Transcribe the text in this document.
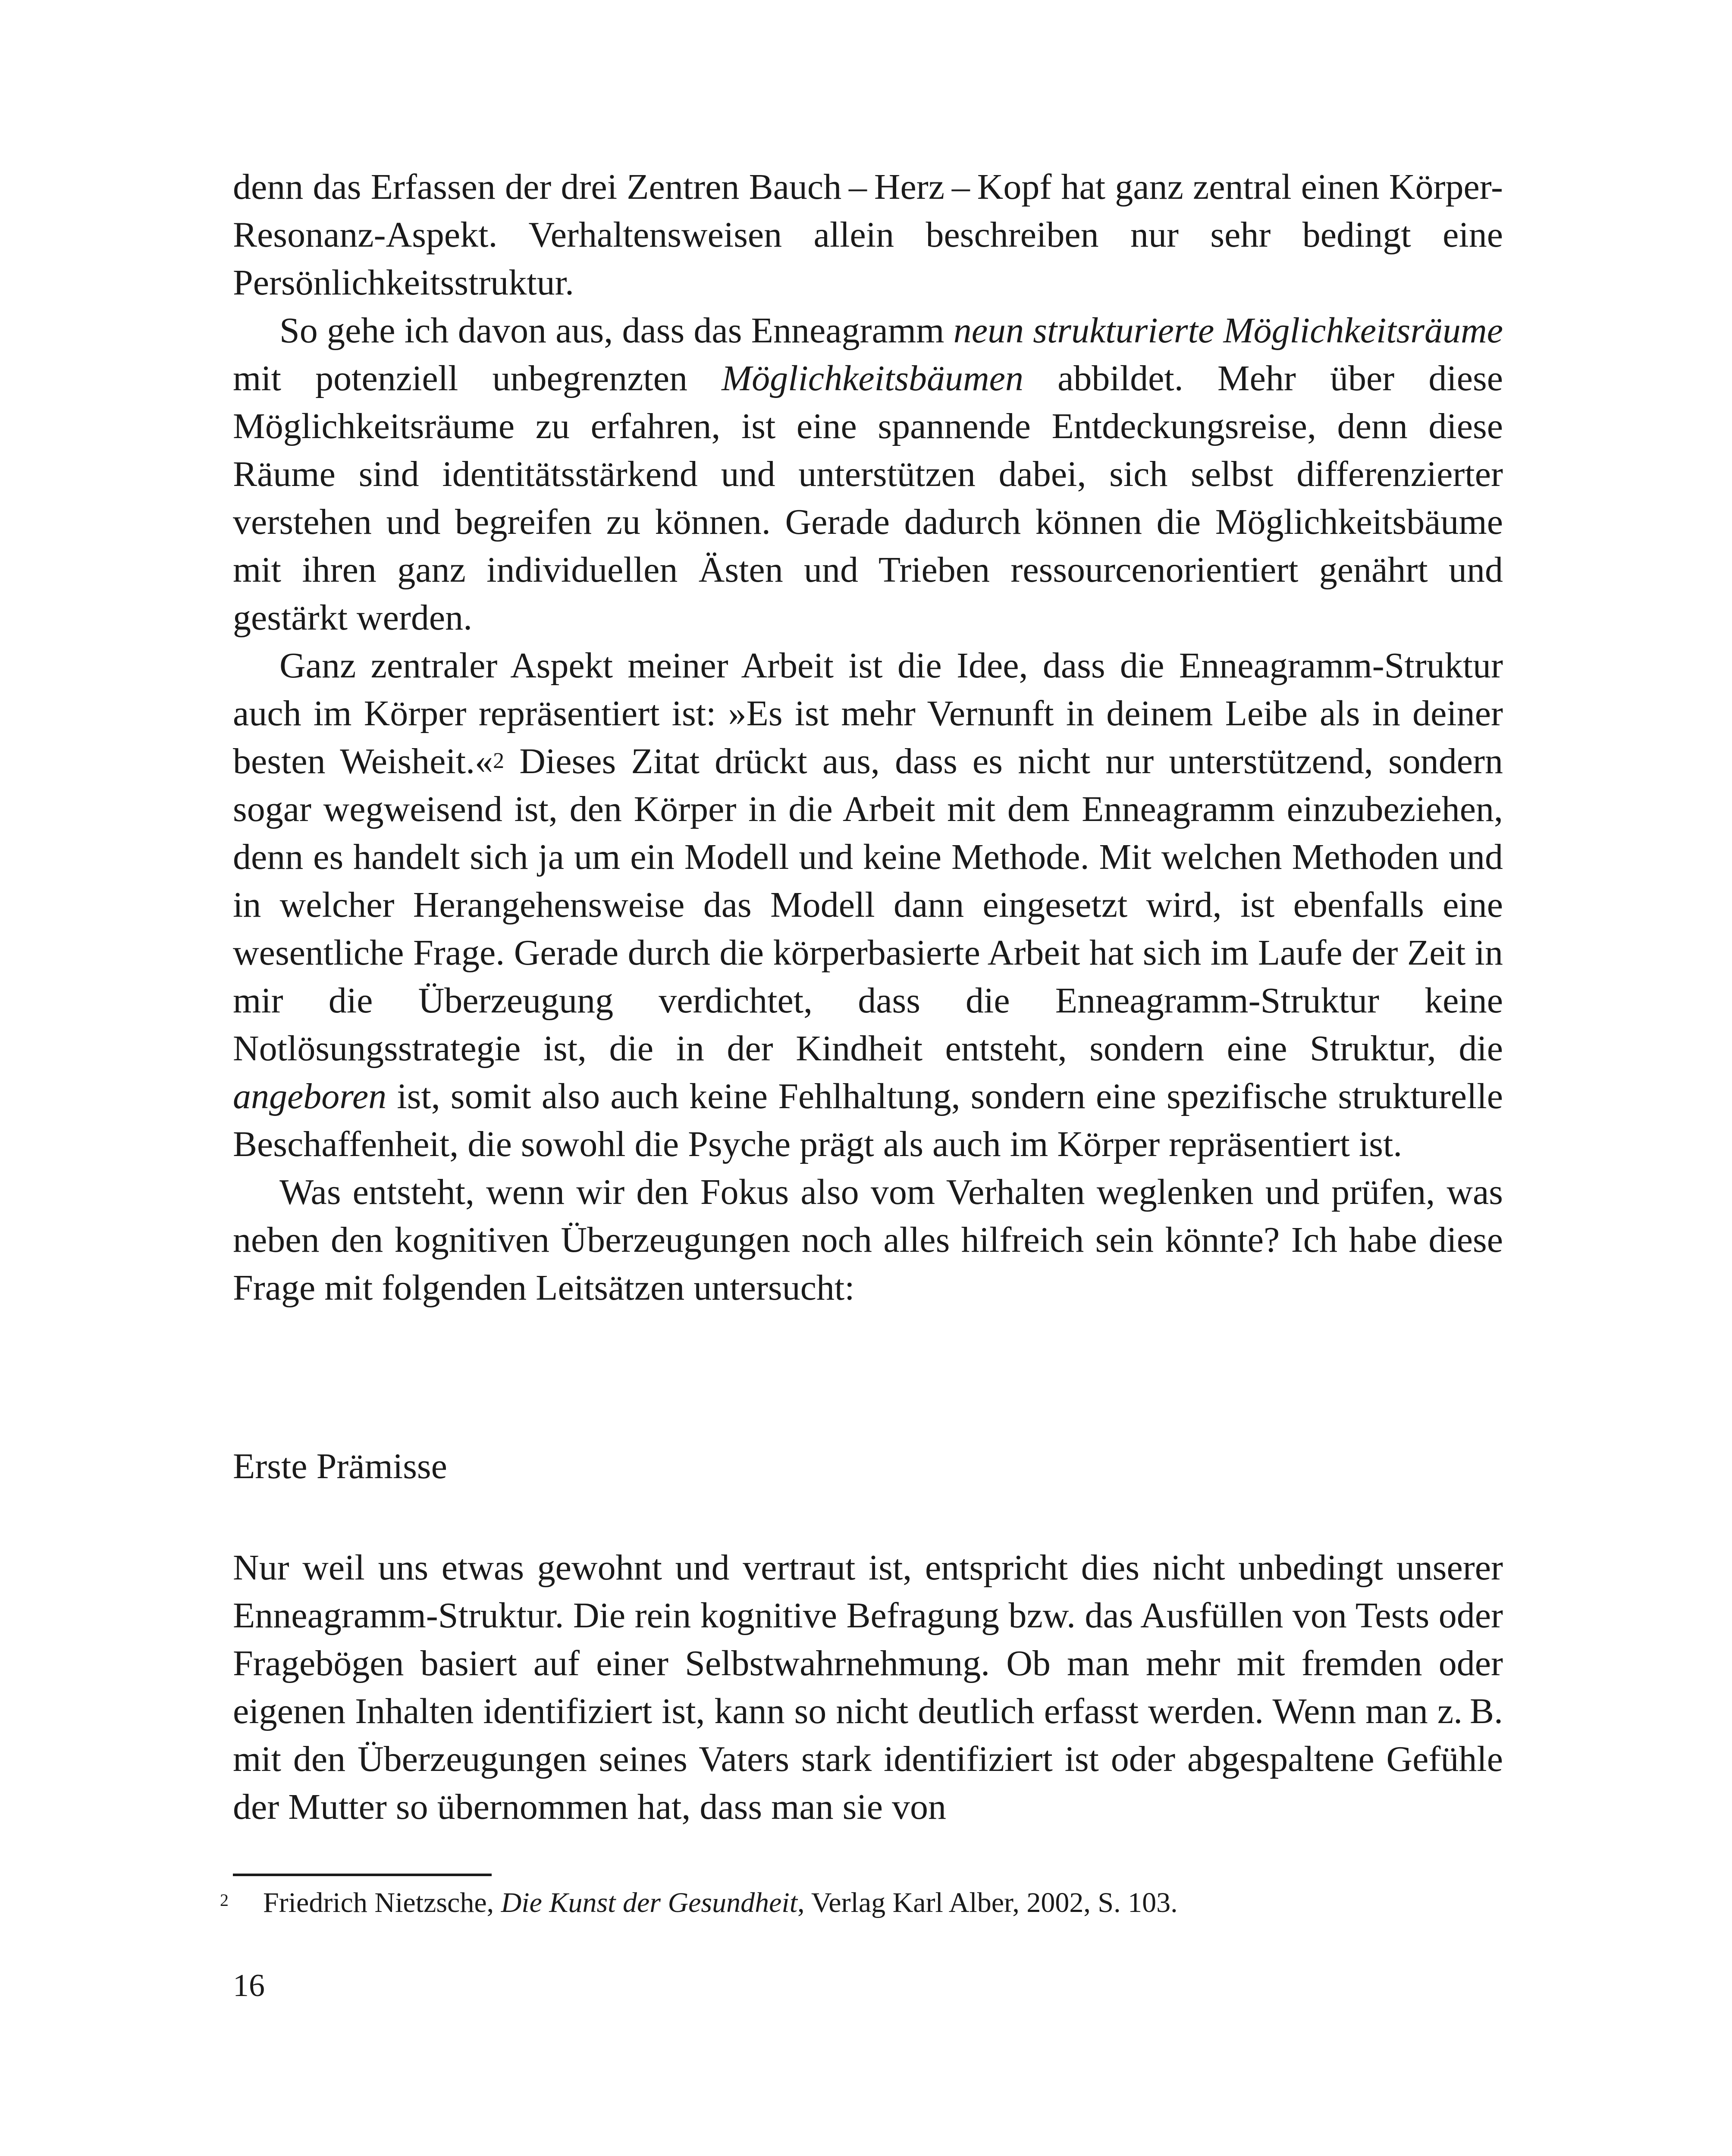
denn das Erfassen der drei Zentren Bauch – Herz – Kopf hat ganz zentral einen Körper-Resonanz-Aspekt. Verhaltensweisen allein beschreiben nur sehr bedingt eine Persönlichkeitsstruktur.

So gehe ich davon aus, dass das Enneagramm neun strukturierte Möglichkeitsräume mit potenziell unbegrenzten Möglichkeitsbäumen abbildet. Mehr über diese Möglichkeitsräume zu erfahren, ist eine spannende Entdeckungsreise, denn diese Räume sind identitätsstärkend und unterstützen dabei, sich selbst differenzierter verstehen und begreifen zu können. Gerade dadurch können die Möglichkeitsbäume mit ihren ganz individuellen Ästen und Trieben ressourcenorientiert genährt und gestärkt werden.

Ganz zentraler Aspekt meiner Arbeit ist die Idee, dass die Enneagramm-Struktur auch im Körper repräsentiert ist: »Es ist mehr Vernunft in deinem Leibe als in deiner besten Weisheit.«$^2$ Dieses Zitat drückt aus, dass es nicht nur unterstützend, sondern sogar wegweisend ist, den Körper in die Arbeit mit dem Enneagramm einzubeziehen, denn es handelt sich ja um ein Modell und keine Methode. Mit welchen Methoden und in welcher Herangehensweise das Modell dann eingesetzt wird, ist ebenfalls eine wesentliche Frage. Gerade durch die körperbasierte Arbeit hat sich im Laufe der Zeit in mir die Überzeugung verdichtet, dass die Enneagramm-Struktur keine Notlösungsstrategie ist, die in der Kindheit entsteht, sondern eine Struktur, die angeboren ist, somit also auch keine Fehlhaltung, sondern eine spezifische strukturelle Beschaffenheit, die sowohl die Psyche prägt als auch im Körper repräsentiert ist.

Was entsteht, wenn wir den Fokus also vom Verhalten weglenken und prüfen, was neben den kognitiven Überzeugungen noch alles hilfreich sein könnte? Ich habe diese Frage mit folgenden Leitsätzen untersucht:

Erste Prämisse

Nur weil uns etwas gewohnt und vertraut ist, entspricht dies nicht unbedingt unserer Enneagramm-Struktur. Die rein kognitive Befragung bzw. das Ausfüllen von Tests oder Fragebögen basiert auf einer Selbstwahrnehmung. Ob man mehr mit fremden oder eigenen Inhalten identifiziert ist, kann so nicht deutlich erfasst werden. Wenn man z. B. mit den Überzeugungen seines Vaters stark identifiziert ist oder abgespaltene Gefühle der Mutter so übernommen hat, dass man sie von

2 Friedrich Nietzsche, Die Kunst der Gesundheit, Verlag Karl Alber, 2002, S. 103.
16
